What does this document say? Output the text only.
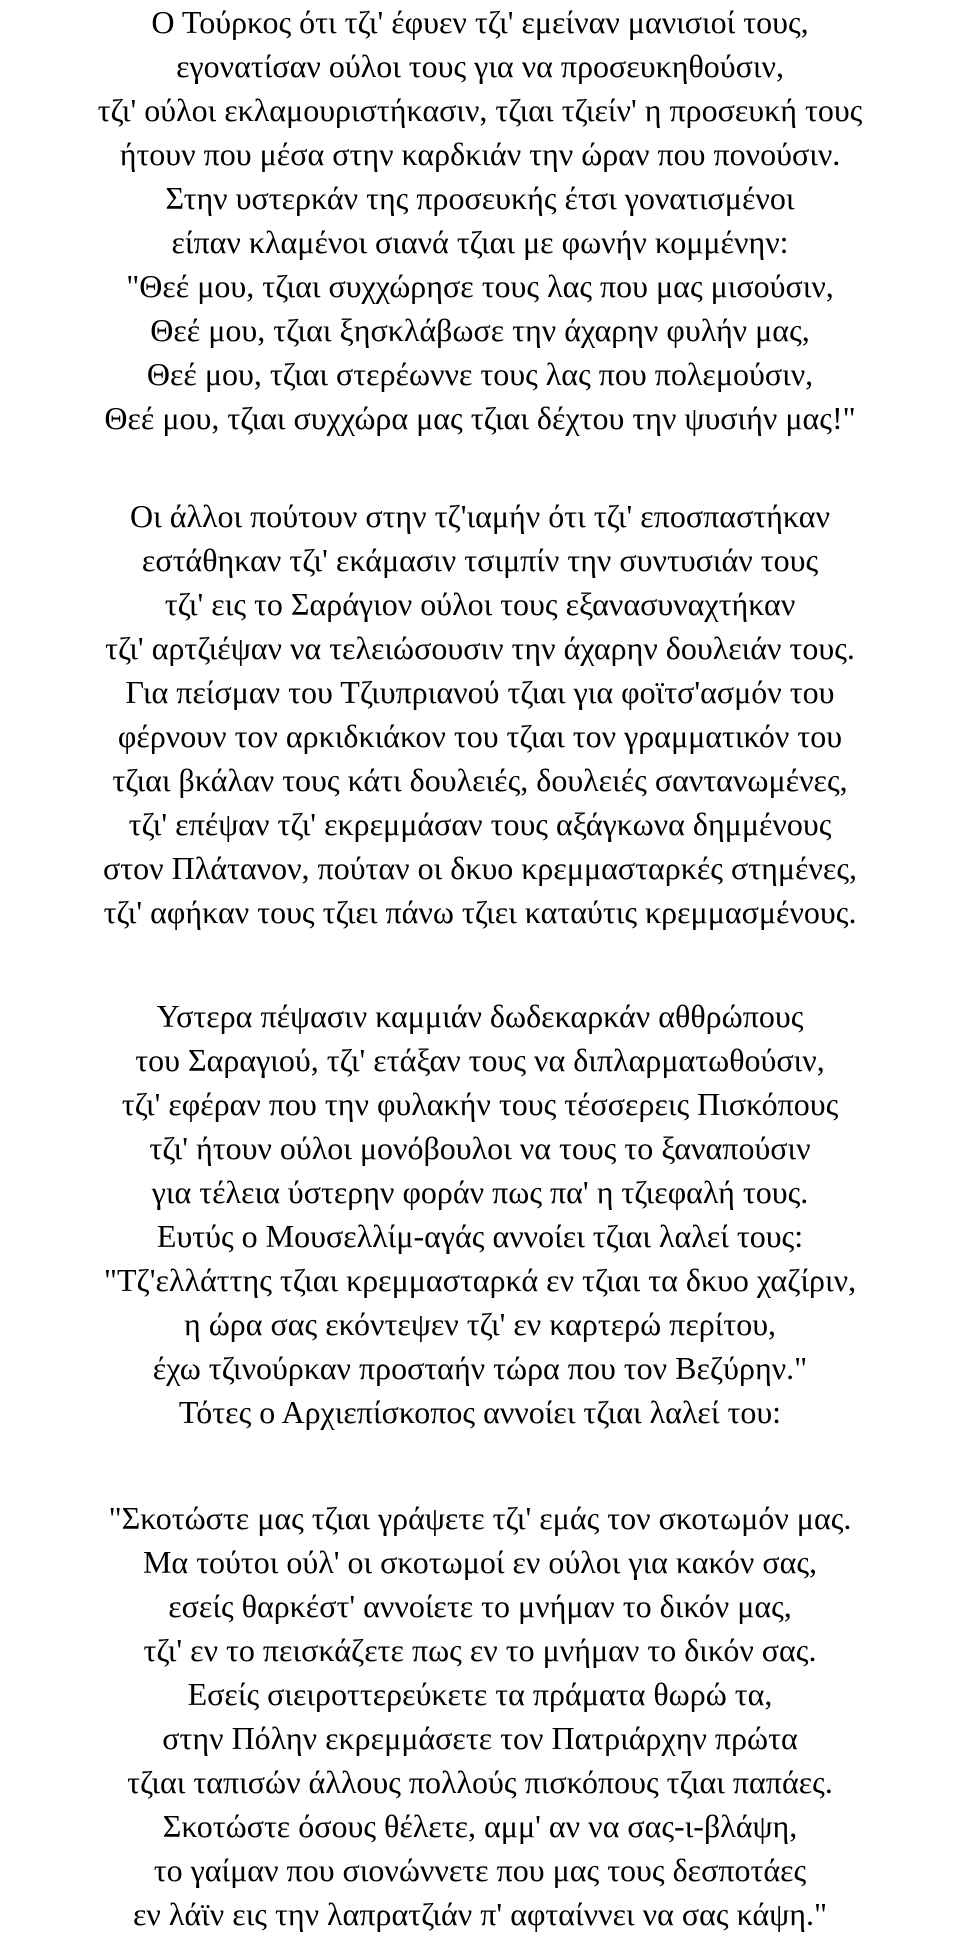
Ο Τούρκος ότι τζι' έφυεν τζι' εμείναν μανισιοί τους,
εγονατίσαν ούλοι τους για να προσευκηθούσιν,
τζι' ούλοι εκλαμουριστήκασιν, τζιαι τζιείν' η προσευκή τους
ήτουν που μέσα στην καρδκιάν την ώραν που πονούσιν.
Στην υστερκάν της προσευκής έτσι γονατισμένοι
είπαν κλαμένοι σιανά τζιαι με φωνήν κομμένην:
"Θεέ μου, τζιαι συχχώρησε τους λας που μας μισούσιν,
Θεέ μου, τζιαι ξησκλάβωσε την άχαρην φυλήν μας,
Θεέ μου, τζιαι στερέωννε τους λας που πολεμούσιν,
Θεέ μου, τζιαι συχχώρα μας τζιαι δέχτου την ψυσιήν μας!"
Οι άλλοι πούτουν στην τζ'ιαμήν ότι τζι' εποσπαστήκαν
εστάθηκαν τζι' εκάμασιν τσιμπίν την συντυσιάν τους
τζι' εις το Σαράγιον ούλοι τους εξανασυναχτήκαν
τζι' αρτζιέψαν να τελειώσουσιν την άχαρην δουλειάν τους.
Για πείσμαν του Τζιυπριανού τζιαι για φοϊτσ'ασμόν του
φέρνουν τον αρκιδκιάκον του τζιαι τον γραμματικόν του
τζιαι βκάλαν τους κάτι δουλειές, δουλειές σαντανωμένες,
τζι' επέψαν τζι' εκρεμμάσαν τους αξάγκωνα δημμένους
στον Πλάτανον, πούταν οι δκυο κρεμμασταρκές στημένες,
τζι' αφήκαν τους τζιει πάνω τζιει καταύτις κρεμμασμένους.
Υστερα πέψασιν καμμιάν δωδεκαρκάν αθθρώπους
του Σαραγιού, τζι' ετάξαν τους να διπλαρματωθούσιν,
τζι' εφέραν που την φυλακήν τους τέσσερεις Πισκόπους
τζι' ήτουν ούλοι μονόβουλοι να τους το ξαναπούσιν
για τέλεια ύστερην φοράν πως πα' η τζιεφαλή τους.
Ευτύς ο Μουσελλίμ-αγάς αννοίει τζιαι λαλεί τους:
"Τζ'ελλάττης τζιαι κρεμμασταρκά εν τζιαι τα δκυο χαζίριν,
η ώρα σας εκόντεψεν τζι' εν καρτερώ περίτου,
έχω τζινούρκαν προσταήν τώρα που τον Βεζύρην."
Τότες ο Αρχιεπίσκοπος αννοίει τζιαι λαλεί του:
"Σκοτώστε μας τζιαι γράψετε τζι' εμάς τον σκοτωμόν μας.
Μα τούτοι ούλ' οι σκοτωμοί εν ούλοι για κακόν σας,
εσείς θαρκέστ' αννοίετε το μνήμαν το δικόν μας,
τζι' εν το πεισκάζετε πως εν το μνήμαν το δικόν σας.
Εσείς σιειροττερεύκετε τα πράματα θωρώ τα,
στην Πόλην εκρεμμάσετε τον Πατριάρχην πρώτα
τζιαι ταπισών άλλους πολλούς πισκόπους τζιαι παπάες.
Σκοτώστε όσους θέλετε, αμμ' αν να σας-ι-βλάψη,
το γαίμαν που σιονώννετε που μας τους δεσποτάες
εν λάϊν εις την λαπρατζιάν π' αφταίννει να σας κάψη."
